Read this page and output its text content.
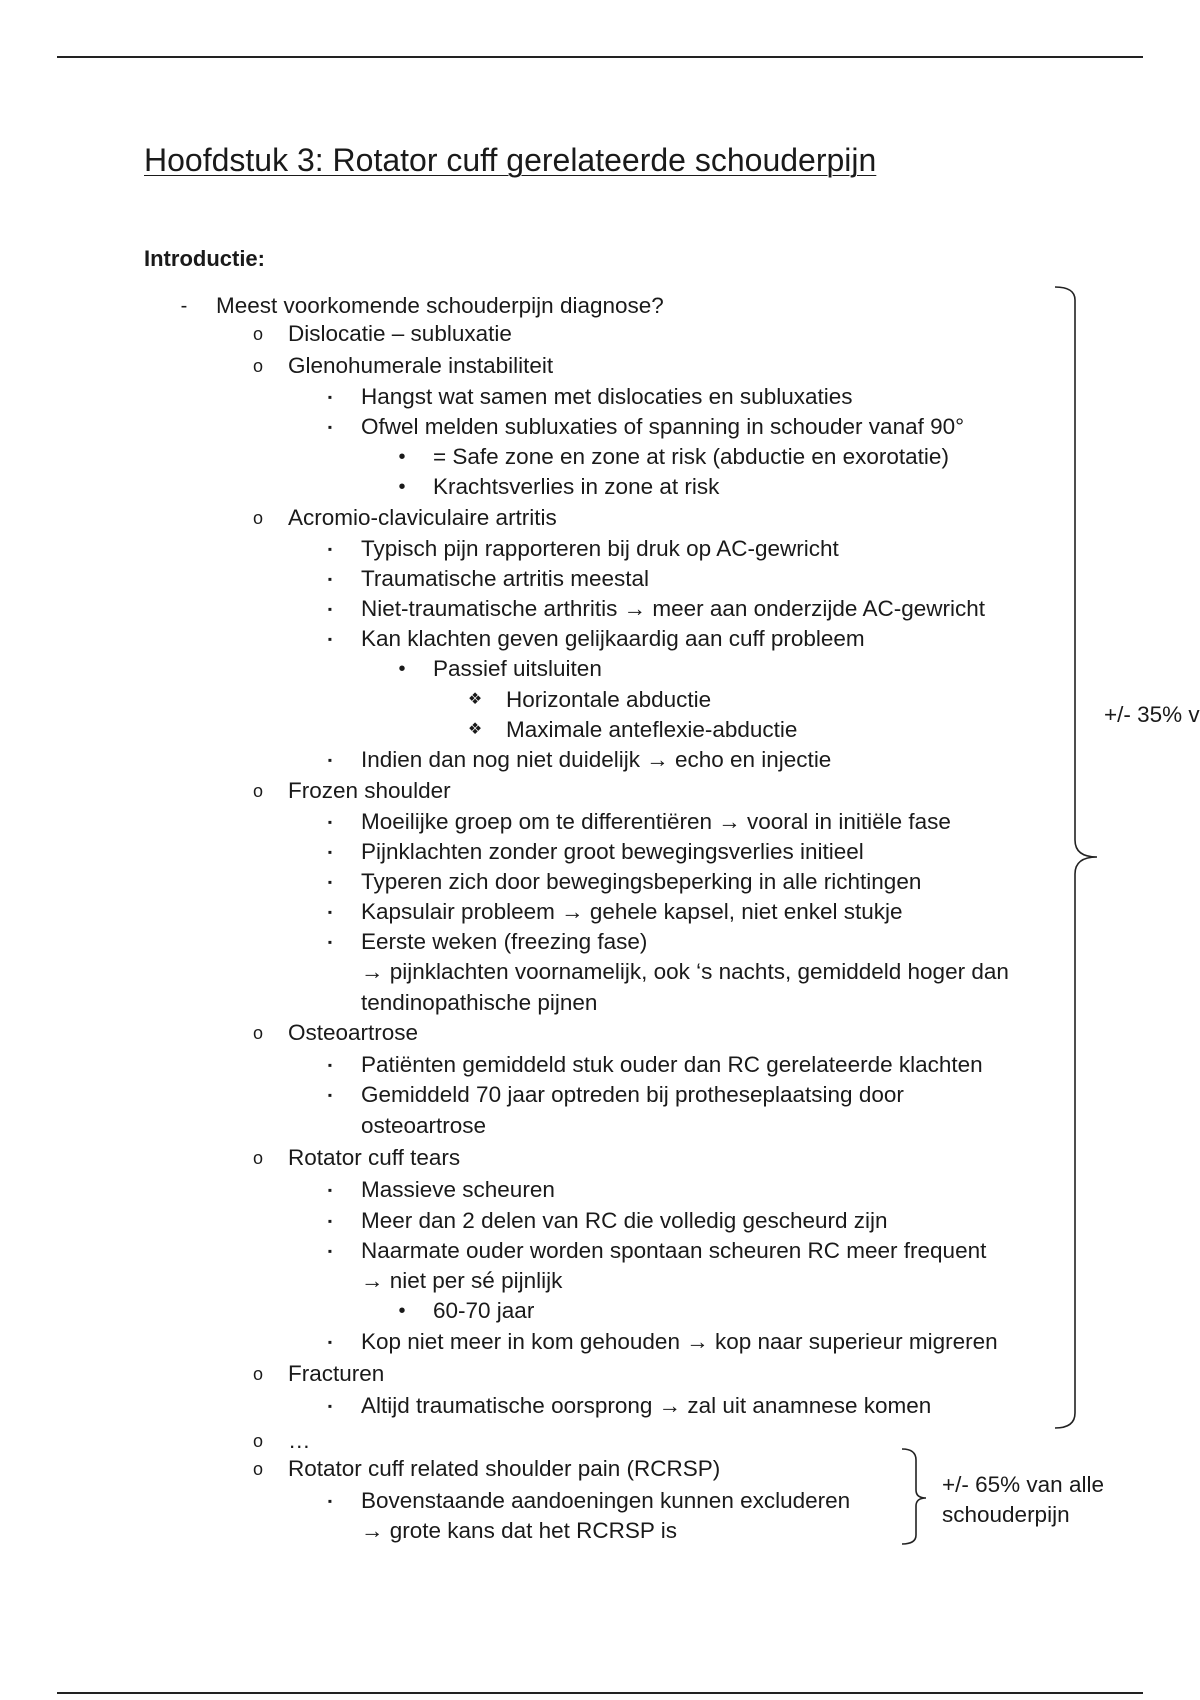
Hoofdstuk 3: Rotator cuff gerelateerde schouderpijn
Introductie:
- Meest voorkomende schouderpijn diagnose?
o Dislocatie – subluxatie
o Glenohumerale instabiliteit
▪	Hangst wat samen met dislocaties en subluxaties
▪	Ofwel melden subluxaties of spanning in schouder vanaf 90°
• = Safe zone en zone at risk (abductie en exorotatie)
• Krachtsverlies in zone at risk
o Acromio-claviculaire artritis
▪	Typisch pijn rapporteren bij druk op AC-gewricht
▪	Traumatische artritis meestal
▪	Niet-traumatische arthritis → meer aan onderzijde AC-gewricht
▪	Kan klachten geven gelijkaardig aan cuff probleem
• Passief uitsluiten
❖ Horizontale abductie
❖ Maximale anteflexie-abductie
▪	Indien dan nog niet duidelijk → echo en injectie
o Frozen shoulder
▪	Moeilijke groep om te differentiëren → vooral in initiële fase
▪	Pijnklachten zonder groot bewegingsverlies initieel
▪	Typeren zich door bewegingsbeperking in alle richtingen
▪	Kapsulair probleem → gehele kapsel, niet enkel stukje
▪	Eerste weken (freezing fase)
→ pijnklachten voornamelijk, ook ‘s nachts, gemiddeld hoger dan
tendinopathische pijnen
o Osteoartrose
▪	Patiënten gemiddeld stuk ouder dan RC gerelateerde klachten
▪	Gemiddeld 70 jaar optreden bij protheseplaatsing door
osteoartrose
o Rotator cuff tears
▪	Massieve scheuren
▪	Meer dan 2 delen van RC die volledig gescheurd zijn
▪	Naarmate ouder worden spontaan scheuren RC meer frequent
→ niet per sé pijnlijk
• 60-70 jaar
▪	Kop niet meer in kom gehouden → kop naar superieur migreren
o Fracturen
▪	Altijd traumatische oorsprong → zal uit anamnese komen
o …
o Rotator cuff related shoulder pain (RCRSP)
▪	Bovenstaande aandoeningen kunnen excluderen
→ grote kans dat het RCRSP is
+/- 35% v
+/- 65% van alle
schouderpijn
